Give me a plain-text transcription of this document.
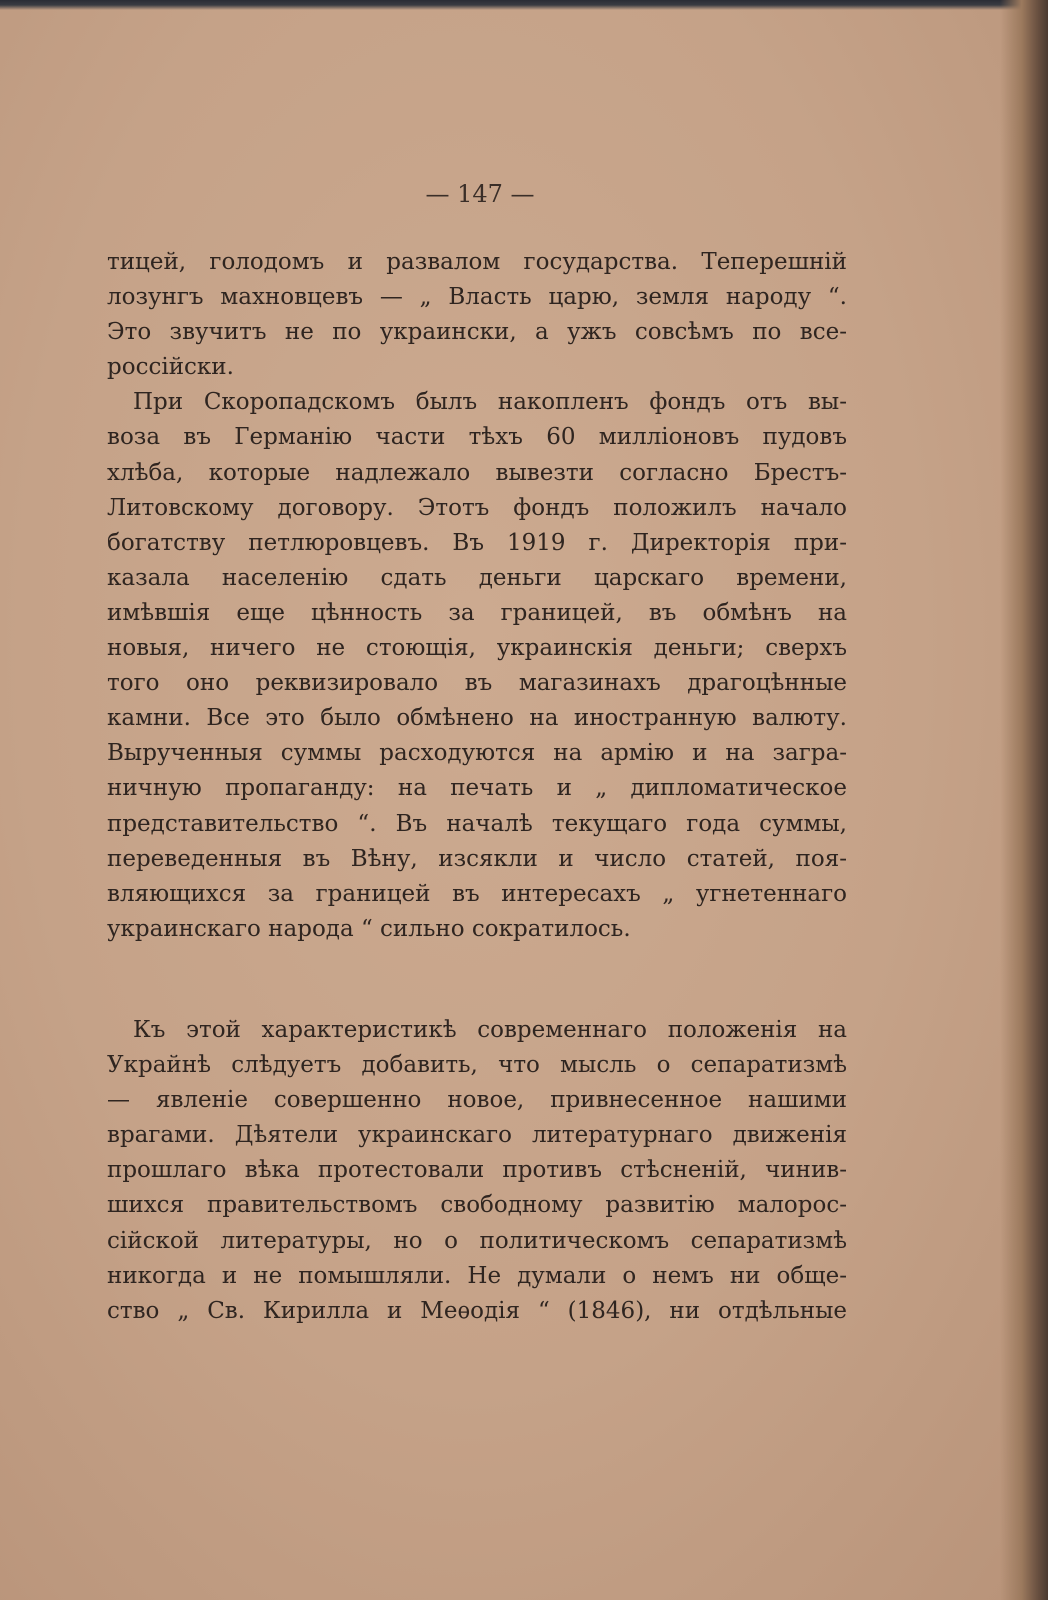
— 147 —
тицей, голодомъ и развалом государства. Теперешній
лозунгъ махновцевъ — „ Власть царю, земля народу “.
Это звучитъ не по украински, а ужъ совсѣмъ по все-
россійски.
При Скоропадскомъ былъ накопленъ фондъ отъ вы-
воза въ Германію части тѣхъ 60 милліоновъ пудовъ
хлѣба, которые надлежало вывезти согласно Брестъ-
Литовскому договору. Этотъ фондъ положилъ начало
богатству петлюровцевъ. Въ 1919 г. Директорія при-
казала населенію сдать деньги царскаго времени,
имѣвшія еще цѣнность за границей, въ обмѣнъ на
новыя, ничего не стоющія, украинскія деньги; сверхъ
того оно реквизировало въ магазинахъ драгоцѣнные
камни. Все это было обмѣнено на иностранную валюту.
Вырученныя суммы расходуются на армію и на загра-
ничную пропаганду: на печать и „ дипломатическое
представительство “. Въ началѣ текущаго года суммы,
переведенныя въ Вѣну, изсякли и число статей, поя-
вляющихся за границей въ интересахъ „ угнетеннаго
украинскаго народа “ сильно сократилось.
Къ этой характеристикѣ современнаго положенія на
Украйнѣ слѣдуетъ добавить, что мысль о сепаратизмѣ
— явленіе совершенно новое, привнесенное нашими
врагами. Дѣятели украинскаго литературнаго движенія
прошлаго вѣка протестовали противъ стѣсненій, чинив-
шихся правительствомъ свободному развитію малорос-
сійской литературы, но о политическомъ сепаратизмѣ
никогда и не помышляли. Не думали о немъ ни обще-
ство „ Св. Кирилла и Меѳодія “ (1846), ни отдѣльные
